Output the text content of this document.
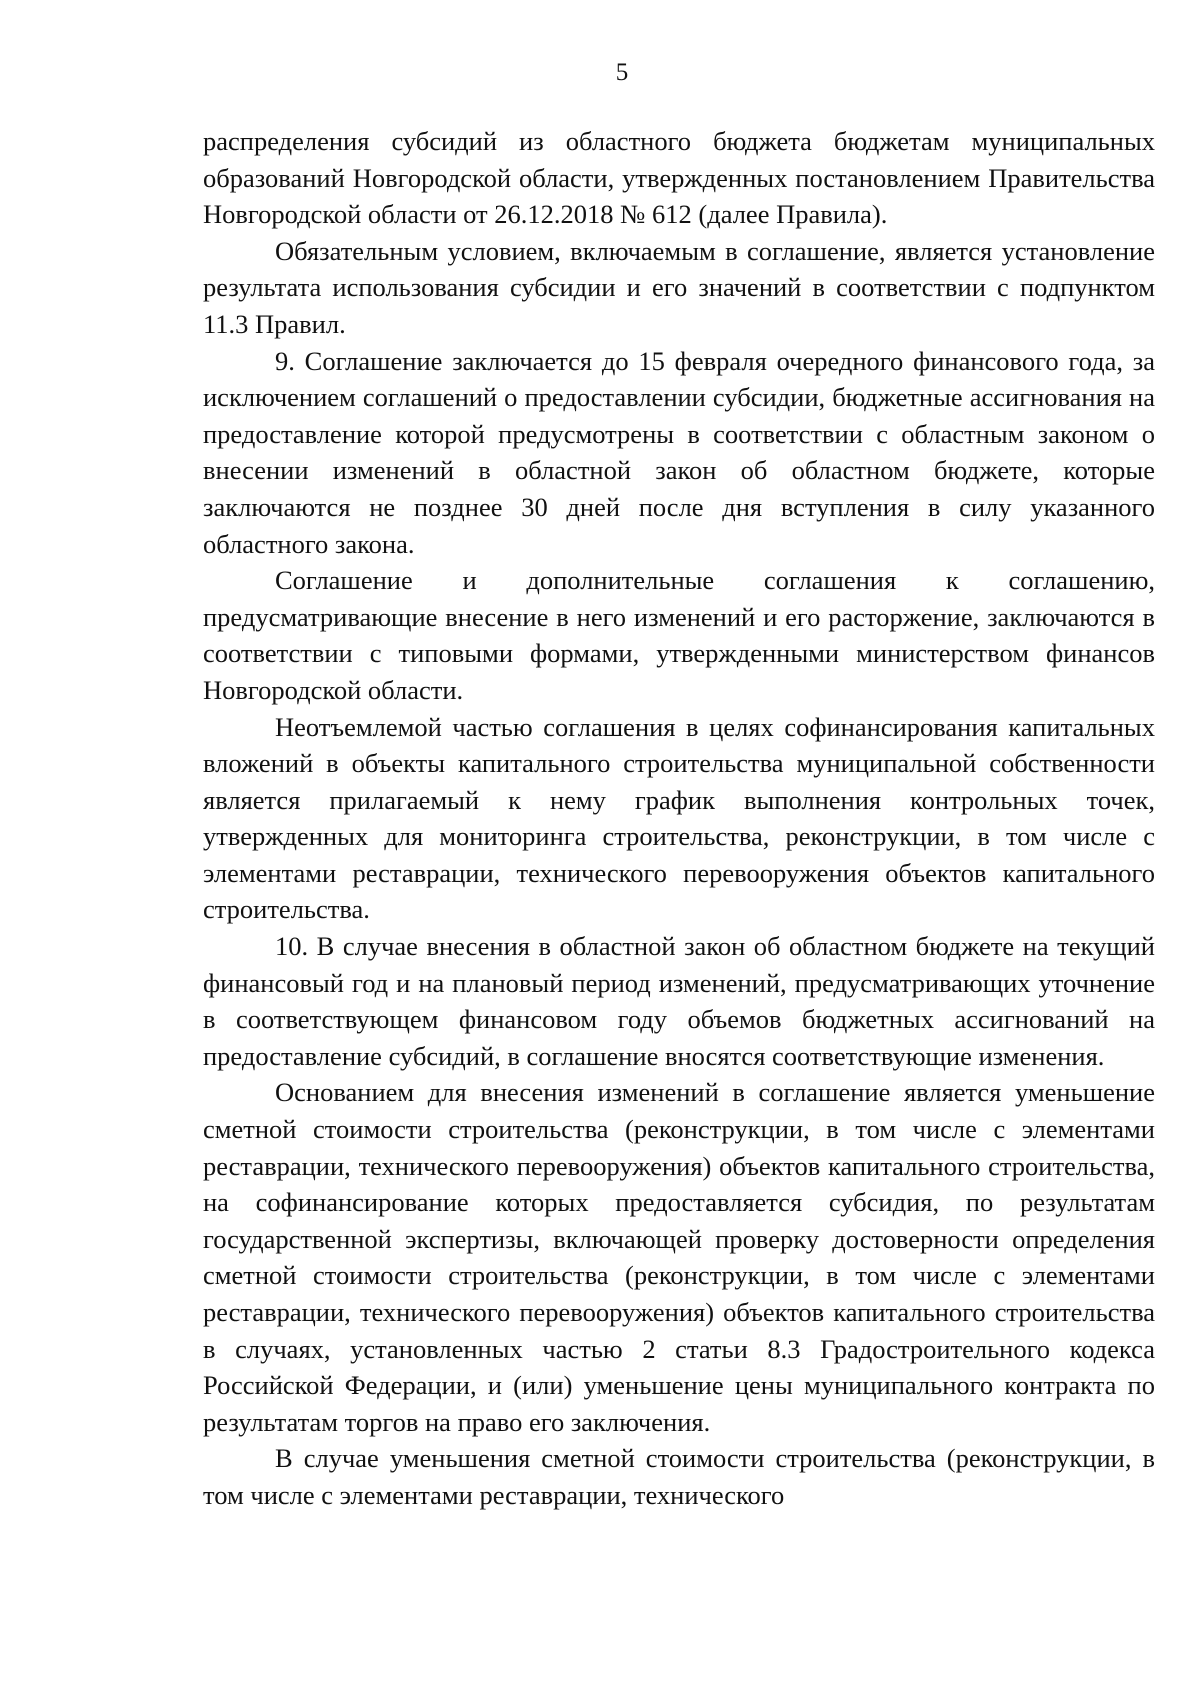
5

распределения субсидий из областного бюджета бюджетам муниципальных образований Новгородской области, утвержденных постановлением Правительства Новгородской области от 26.12.2018 № 612 (далее Правила).

Обязательным условием, включаемым в соглашение, является установление результата использования субсидии и его значений в соответствии с подпунктом 11.3 Правил.

9. Соглашение заключается до 15 февраля очередного финансового года, за исключением соглашений о предоставлении субсидии, бюджетные ассигнования на предоставление которой предусмотрены в соответствии с областным законом о внесении изменений в областной закон об областном бюджете, которые заключаются не позднее 30 дней после дня вступления в силу указанного областного закона.

Соглашение и дополнительные соглашения к соглашению, предусматривающие внесение в него изменений и его расторжение, заключаются в соответствии с типовыми формами, утвержденными министерством финансов Новгородской области.

Неотъемлемой частью соглашения в целях софинансирования капитальных вложений в объекты капитального строительства муниципальной собственности является прилагаемый к нему график выполнения контрольных точек, утвержденных для мониторинга строительства, реконструкции, в том числе с элементами реставрации, технического перевооружения объектов капитального строительства.

10. В случае внесения в областной закон об областном бюджете на текущий финансовый год и на плановый период изменений, предусматривающих уточнение в соответствующем финансовом году объемов бюджетных ассигнований на предоставление субсидий, в соглашение вносятся соответствующие изменения.

Основанием для внесения изменений в соглашение является уменьшение сметной стоимости строительства (реконструкции, в том числе с элементами реставрации, технического перевооружения) объектов капитального строительства, на софинансирование которых предоставляется субсидия, по результатам государственной экспертизы, включающей проверку достоверности определения сметной стоимости строительства (реконструкции, в том числе с элементами реставрации, технического перевооружения) объектов капитального строительства в случаях, установленных частью 2 статьи 8.3 Градостроительного кодекса Российской Федерации, и (или) уменьшение цены муниципального контракта по результатам торгов на право его заключения.

В случае уменьшения сметной стоимости строительства (реконструкции, в том числе с элементами реставрации, технического
